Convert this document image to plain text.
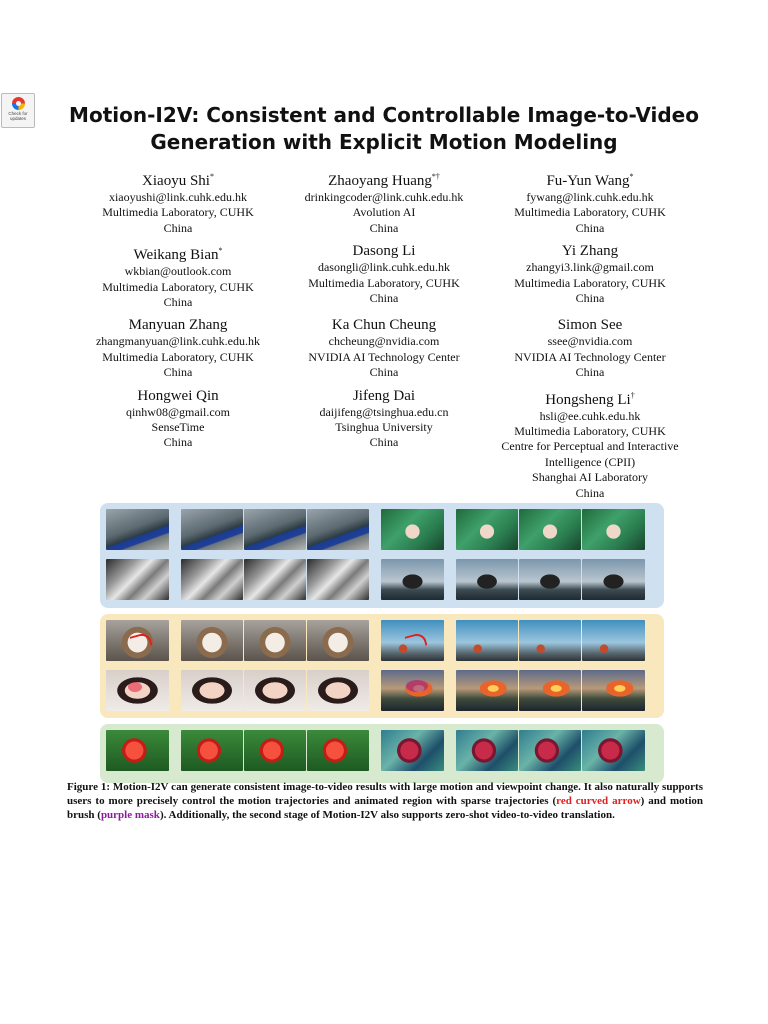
Check for updates	Motion-I2V: Consistent and Controllable Image-to-Video Generation with Explicit Motion Modeling
Xiaoyu Shi*
xiaoyushi@link.cuhk.edu.hk
Multimedia Laboratory, CUHK
China
Zhaoyang Huang*†
drinkingcoder@link.cuhk.edu.hk
Avolution AI
China
Fu-Yun Wang*
fywang@link.cuhk.edu.hk
Multimedia Laboratory, CUHK
China
Weikang Bian*
wkbian@outlook.com
Multimedia Laboratory, CUHK
China
Dasong Li
dasongli@link.cuhk.edu.hk
Multimedia Laboratory, CUHK
China
Yi Zhang
zhangyi3.link@gmail.com
Multimedia Laboratory, CUHK
China
Manyuan Zhang
zhangmanyuan@link.cuhk.edu.hk
Multimedia Laboratory, CUHK
China
Ka Chun Cheung
chcheung@nvidia.com
NVIDIA AI Technology Center
China
Simon See
ssee@nvidia.com
NVIDIA AI Technology Center
China
Hongwei Qin
qinhw08@gmail.com
SenseTime
China
Jifeng Dai
daijifeng@tsinghua.edu.cn
Tsinghua University
China
Hongsheng Li†
hsli@ee.cuhk.edu.hk
Multimedia Laboratory, CUHK
Centre for Perceptual and Interactive Intelligence (CPII)
Shanghai AI Laboratory
China
Figure 1: Motion-I2V can generate consistent image-to-video results with large motion and viewpoint change. It also naturally supports users to more precisely control the motion trajectories and animated region with sparse trajectories (red curved arrow) and motion brush (purple mask). Additionally, the second stage of Motion-I2V also supports zero-shot video-to-video translation.
